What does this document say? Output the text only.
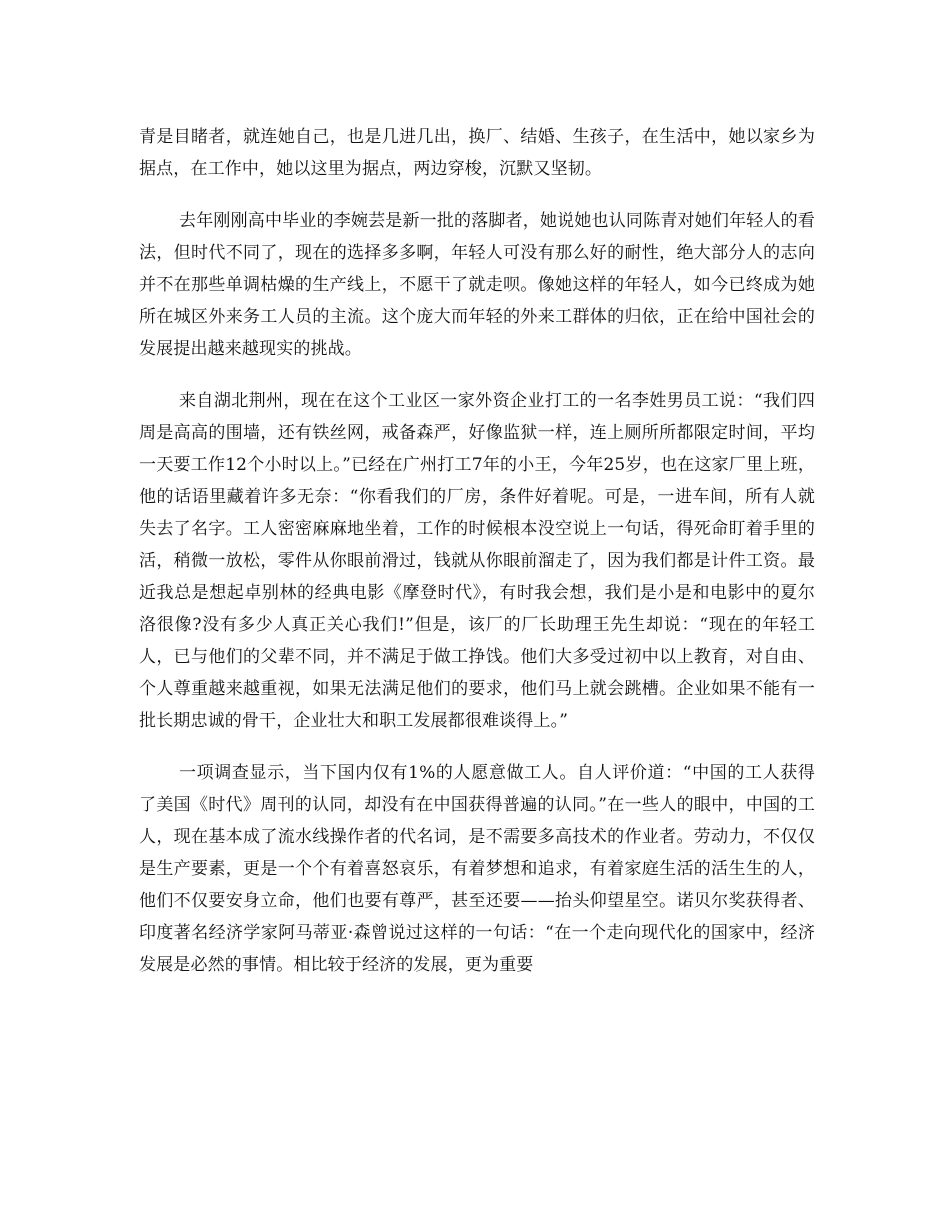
青是目睹者，就连她自己，也是几进几出，换厂、结婚、生孩子，在生活中，她以家乡为据点，在工作中，她以这里为据点，两边穿梭，沉默又坚韧。

去年刚刚高中毕业的李婉芸是新一批的落脚者，她说她也认同陈青对她们年轻人的看法，但时代不同了，现在的选择多多啊，年轻人可没有那么好的耐性，绝大部分人的志向并不在那些单调枯燥的生产线上，不愿干了就走呗。像她这样的年轻人，如今已终成为她所在城区外来务工人员的主流。这个庞大而年轻的外来工群体的归依，正在给中国社会的发展提出越来越现实的挑战。

来自湖北荆州，现在在这个工业区一家外资企业打工的一名李姓男员工说：“我们四周是高高的围墙，还有铁丝网，戒备森严，好像监狱一样，连上厕所所都限定时间，平均一天要工作12个小时以上。”已经在广州打工7年的小王，今年25岁，也在这家厂里上班，他的话语里藏着许多无奈：“你看我们的厂房，条件好着呢。可是，一进车间，所有人就失去了名字。工人密密麻麻地坐着，工作的时候根本没空说上一句话，得死命盯着手里的活，稍微一放松，零件从你眼前滑过，钱就从你眼前溜走了，因为我们都是计件工资。最近我总是想起卓别林的经典电影《摩登时代》，有时我会想，我们是小是和电影中的夏尔洛很像?没有多少人真正关心我们!”但是，该厂的厂长助理王先生却说：“现在的年轻工人，已与他们的父辈不同，并不满足于做工挣饯。他们大多受过初中以上教育，对自由、个人尊重越来越重视，如果无法满足他们的要求，他们马上就会跳槽。企业如果不能有一批长期忠诚的骨干，企业壮大和职工发展都很难谈得上。”

一项调查显示，当下国内仅有1%的人愿意做工人。自人评价道：“中国的工人获得了美国《时代》周刊的认同，却没有在中国获得普遍的认同。”在一些人的眼中，中国的工人，现在基本成了流水线操作者的代名词，是不需要多高技术的作业者。劳动力，不仅仅是生产要素，更是一个个有着喜怒哀乐，有着梦想和追求，有着家庭生活的活生生的人，他们不仅要安身立命，他们也要有尊严，甚至还要——抬头仰望星空。诺贝尔奖获得者、印度著名经济学家阿马蒂亚·森曾说过这样的一句话：“在一个走向现代化的国家中，经济发展是必然的事情。相比较于经济的发展，更为重要
